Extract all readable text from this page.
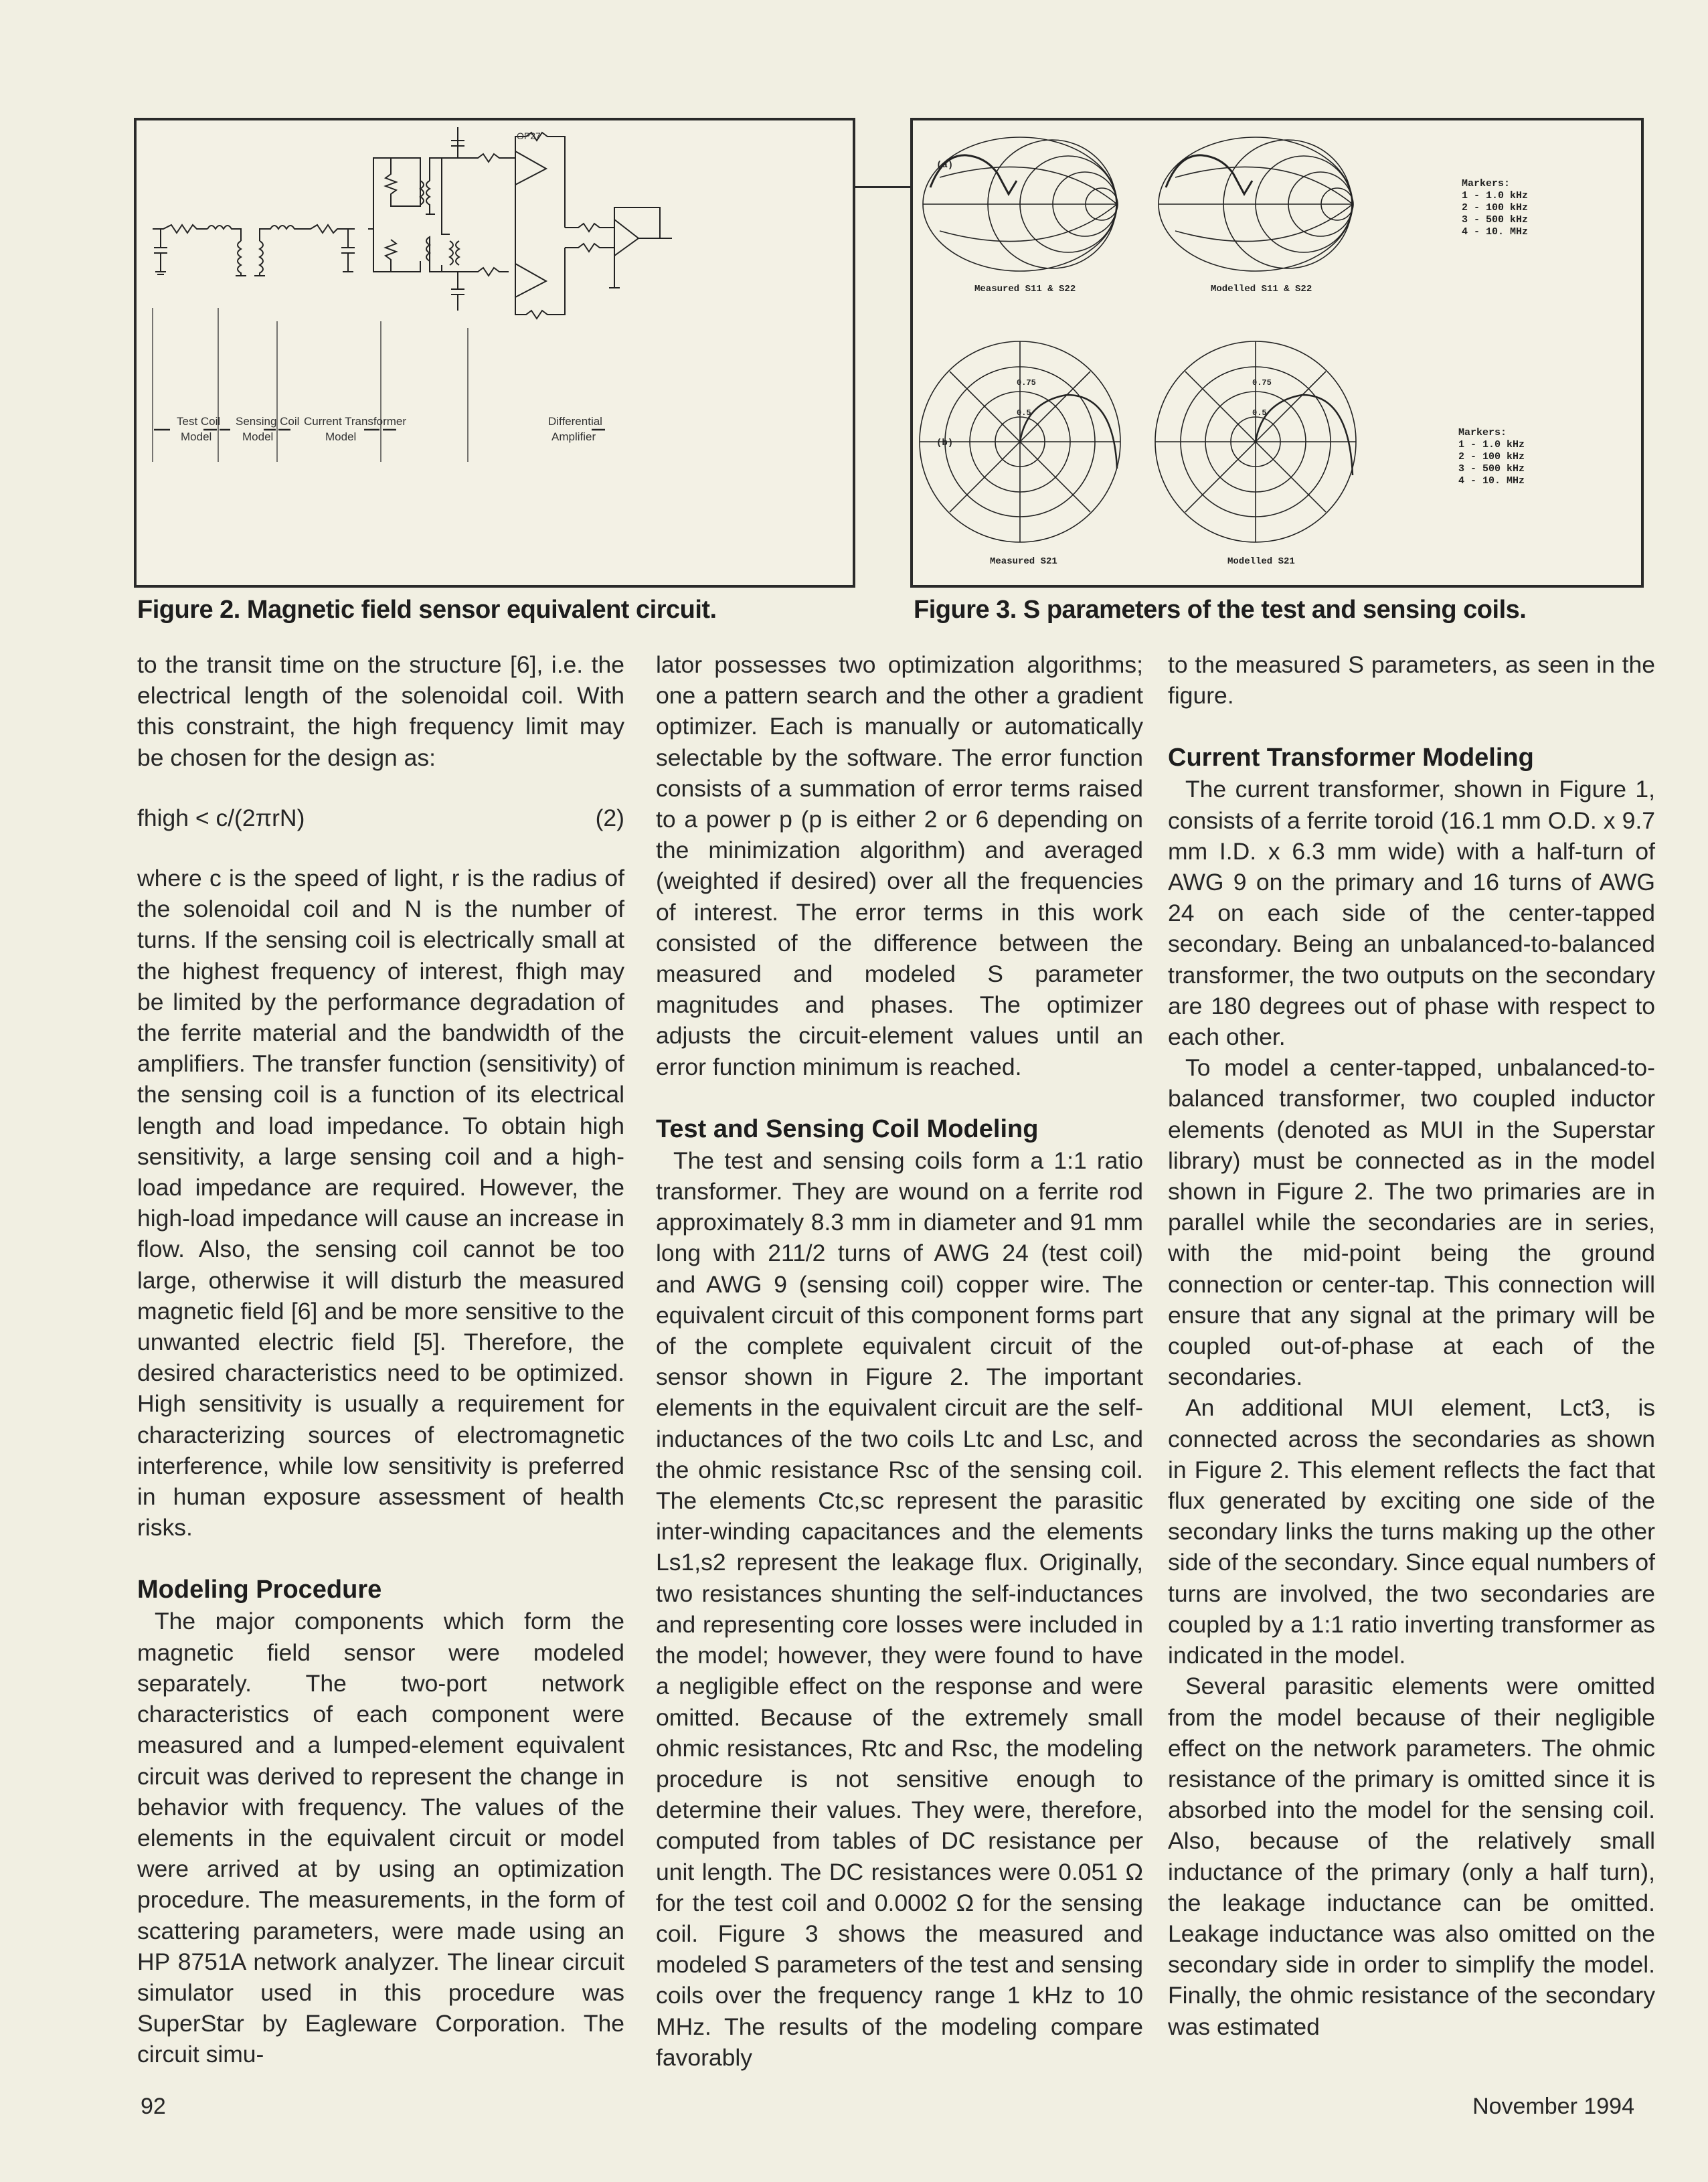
Test Coil
Model
Sensing Coil
Model
Current Transformer
Model
Differential
Amplifier
OP27
(a)
(b)
Measured S11 & S22	Modelled S11 & S22
Measured S21	Modelled S21
0.75
0.5
0.75
0.5
Markers:
1 - 1.0 kHz
2 - 100 kHz
3 - 500 kHz
4 - 10. MHz
Markers:
1 - 1.0 kHz
2 - 100 kHz
3 - 500 kHz
4 - 10. MHz
Figure 2. Magnetic field sensor equivalent circuit.	Figure 3. S parameters of the test and sensing coils.

to the transit time on the structure [6], i.e. the electrical length of the solenoidal coil. With this constraint, the high frequency limit may be chosen for the design as:

fhigh < c/(2πrN)	(2)

where c is the speed of light, r is the radius of the solenoidal coil and N is the number of turns. If the sensing coil is electrically small at the highest frequency of interest, fhigh may be limited by the performance degradation of the ferrite material and the bandwidth of the amplifiers. The transfer function (sensitivity) of the sensing coil is a function of its electrical length and load impedance. To obtain high sensitivity, a large sensing coil and a high-load impedance are required. However, the high-load impedance will cause an increase in flow. Also, the sensing coil cannot be too large, otherwise it will disturb the measured magnetic field [6] and be more sensitive to the unwanted electric field [5]. Therefore, the desired characteristics need to be optimized. High sensitivity is usually a requirement for characterizing sources of electromagnetic interference, while low sensitivity is preferred in human exposure assessment of health risks.

Modeling Procedure

The major components which form the magnetic field sensor were modeled separately. The two-port network characteristics of each component were measured and a lumped-element equivalent circuit was derived to represent the change in behavior with frequency. The values of the elements in the equivalent circuit or model were arrived at by using an optimization procedure. The measurements, in the form of scattering parameters, were made using an HP 8751A network analyzer. The linear circuit simulator used in this procedure was SuperStar by Eagleware Corporation. The circuit simu-

lator possesses two optimization algorithms; one a pattern search and the other a gradient optimizer. Each is manually or automatically selectable by the software. The error function consists of a summation of error terms raised to a power p (p is either 2 or 6 depending on the minimization algorithm) and averaged (weighted if desired) over all the frequencies of interest. The error terms in this work consisted of the difference between the measured and modeled S parameter magnitudes and phases. The optimizer adjusts the circuit-element values until an error function minimum is reached.

Test and Sensing Coil Modeling

The test and sensing coils form a 1:1 ratio transformer. They are wound on a ferrite rod approximately 8.3 mm in diameter and 91 mm long with 211/2 turns of AWG 24 (test coil) and AWG 9 (sensing coil) copper wire. The equivalent circuit of this component forms part of the complete equivalent circuit of the sensor shown in Figure 2. The important elements in the equivalent circuit are the self-inductances of the two coils Ltc and Lsc, and the ohmic resistance Rsc of the sensing coil. The elements Ctc,sc represent the parasitic inter-winding capacitances and the elements Ls1,s2 represent the leakage flux. Originally, two resistances shunting the self-inductances and representing core losses were included in the model; however, they were found to have a negligible effect on the response and were omitted. Because of the extremely small ohmic resistances, Rtc and Rsc, the modeling procedure is not sensitive enough to determine their values. They were, therefore, computed from tables of DC resistance per unit length. The DC resistances were 0.051 Ω for the test coil and 0.0002 Ω for the sensing coil. Figure 3 shows the measured and modeled S parameters of the test and sensing coils over the frequency range 1 kHz to 10 MHz. The results of the modeling compare favorably

to the measured S parameters, as seen in the figure.

Current Transformer Modeling

The current transformer, shown in Figure 1, consists of a ferrite toroid (16.1 mm O.D. x 9.7 mm I.D. x 6.3 mm wide) with a half-turn of AWG 9 on the primary and 16 turns of AWG 24 on each side of the center-tapped secondary. Being an unbalanced-to-balanced transformer, the two outputs on the secondary are 180 degrees out of phase with respect to each other.

To model a center-tapped, unbalanced-to-balanced transformer, two coupled inductor elements (denoted as MUI in the Superstar library) must be connected as in the model shown in Figure 2. The two primaries are in parallel while the secondaries are in series, with the mid-point being the ground connection or center-tap. This connection will ensure that any signal at the primary will be coupled out-of-phase at each of the secondaries.

An additional MUI element, Lct3, is connected across the secondaries as shown in Figure 2. This element reflects the fact that flux generated by exciting one side of the secondary links the turns making up the other side of the secondary. Since equal numbers of turns are involved, the two secondaries are coupled by a 1:1 ratio inverting transformer as indicated in the model.

Several parasitic elements were omitted from the model because of their negligible effect on the network parameters. The ohmic resistance of the primary is omitted since it is absorbed into the model for the sensing coil. Also, because of the relatively small inductance of the primary (only a half turn), the leakage inductance can be omitted. Leakage inductance was also omitted on the secondary side in order to simplify the model. Finally, the ohmic resistance of the secondary was estimated

92	November 1994
